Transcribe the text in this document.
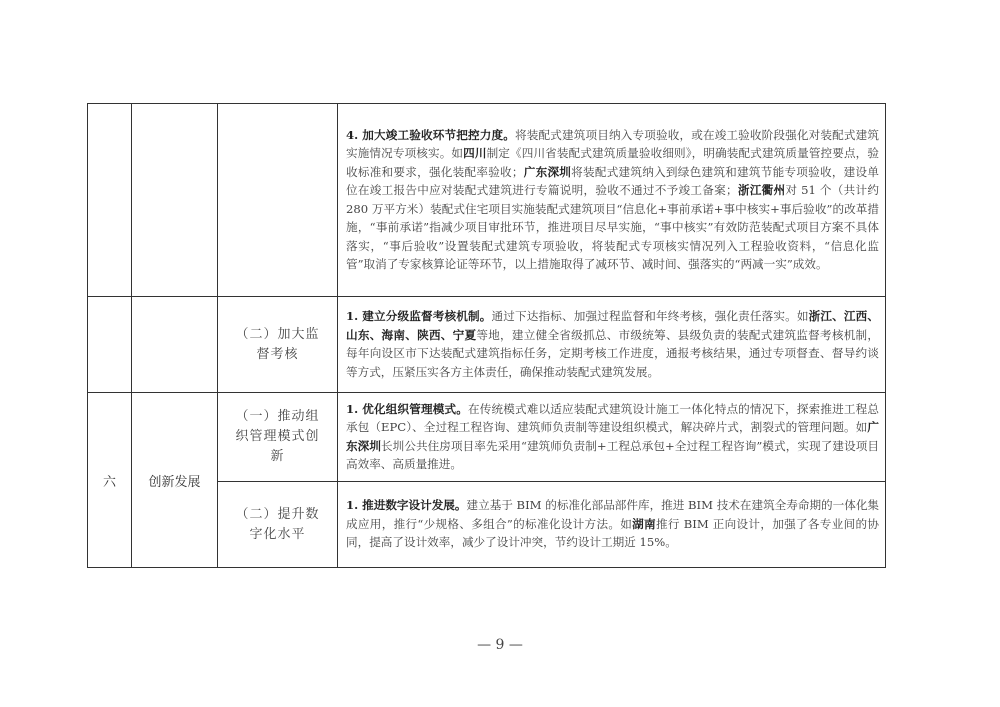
			4. 加大竣工验收环节把控力度。将装配式建筑项目纳入专项验收，或在竣工验收阶段强化对装配式建筑实施情况专项核实。如四川制定《四川省装配式建筑质量验收细则》，明确装配式建筑质量管控要点，验收标准和要求，强化装配率验收；广东深圳将装配式建筑纳入到绿色建筑和建筑节能专项验收，建设单位在竣工报告中应对装配式建筑进行专篇说明，验收不通过不予竣工备案；浙江衢州对 51 个（共计约 280 万平方米）装配式住宅项目实施装配式建筑项目“信息化+事前承诺+事中核实+事后验收”的改革措施，“事前承诺”指减少项目审批环节，推进项目尽早实施，“事中核实”有效防范装配式项目方案不具体落实，“事后验收”设置装配式建筑专项验收，将装配式专项核实情况列入工程验收资料，“信息化监管”取消了专家核算论证等环节，以上措施取得了减环节、减时间、强落实的“两减一实”成效。
		（二）加大监督考核	1. 建立分级监督考核机制。通过下达指标、加强过程监督和年终考核，强化责任落实。如浙江、江西、山东、海南、陕西、宁夏等地，建立健全省级抓总、市级统筹、县级负责的装配式建筑监督考核机制，每年向设区市下达装配式建筑指标任务，定期考核工作进度，通报考核结果，通过专项督查、督导约谈等方式，压紧压实各方主体责任，确保推动装配式建筑发展。
六	创新发展	（一）推动组织管理模式创新	1. 优化组织管理模式。在传统模式难以适应装配式建筑设计施工一体化特点的情况下，探索推进工程总承包（EPC）、全过程工程咨询、建筑师负责制等建设组织模式，解决碎片式，割裂式的管理问题。如广东深圳长圳公共住房项目率先采用“建筑师负责制+工程总承包+全过程工程咨询”模式，实现了建设项目高效率、高质量推进。
		（二）提升数字化水平	1. 推进数字设计发展。建立基于 BIM 的标准化部品部件库，推进 BIM 技术在建筑全寿命期的一体化集成应用，推行“少规格、多组合”的标准化设计方法。如湖南推行 BIM 正向设计，加强了各专业间的协同，提高了设计效率，减少了设计冲突，节约设计工期近 15%。
— 9 —
